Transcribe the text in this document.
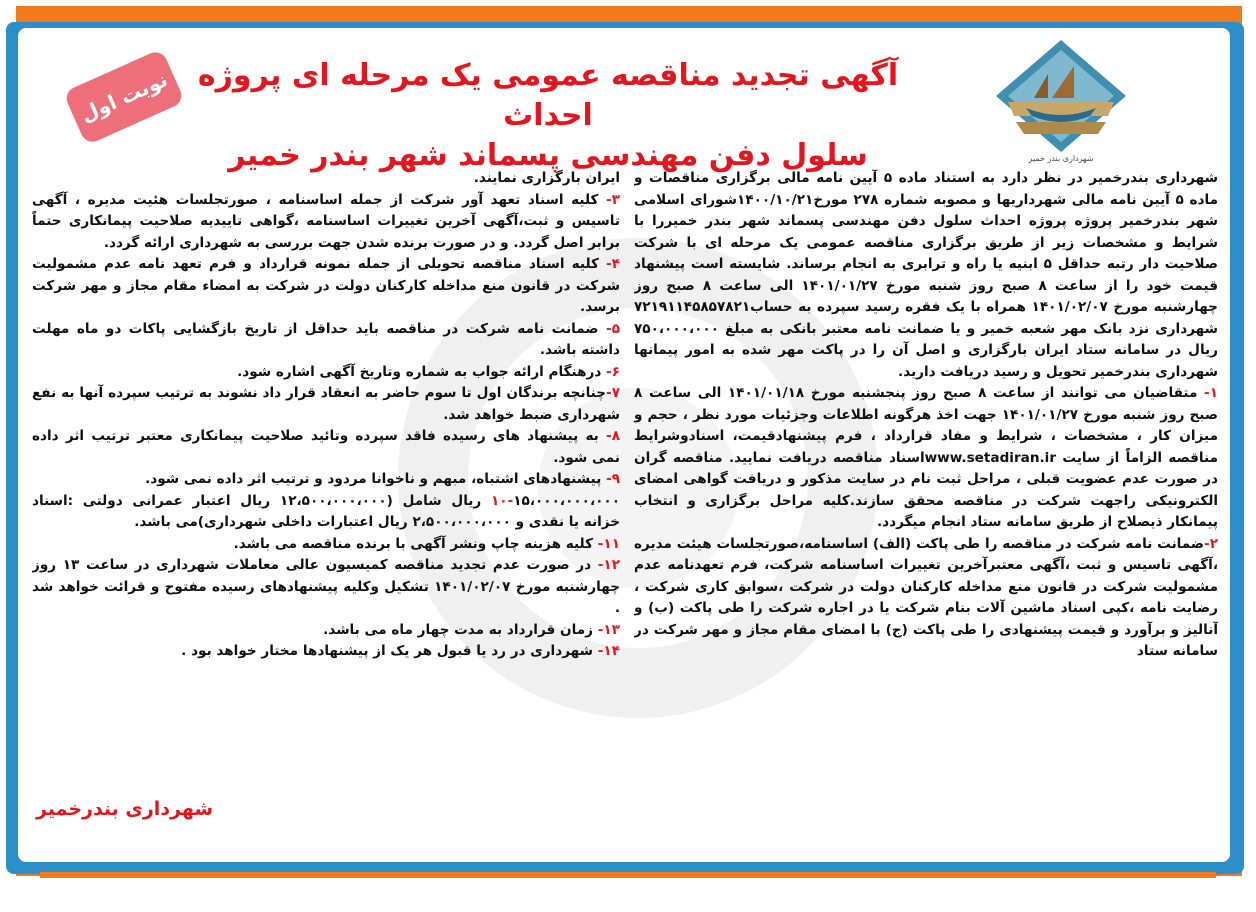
شهرداری بندر خمیر
آگهی تجدید مناقصه عمومی یک مرحله ای پروژه احداث
سلول دفن مهندسی پسماند شهر بندر خمیر
نوبت اول

شهرداری بندرخمیر در نظر دارد به استناد ماده ۵ آیین نامه مالی برگزاری مناقصات و ماده ۵ آیین نامه مالی شهرداریها و مصوبه شماره ۲۷۸ مورخ۱۴۰۰/۱۰/۲۱شورای اسلامی شهر بندرخمیر پروژه پروژه احداث سلول دفن مهندسی پسماند شهر بندر خمیررا با شرایط و مشخصات زیر از طریق برگزاری مناقصه عمومی یک مرحله ای با شرکت صلاحیت دار رتبه حداقل ۵ ابنیه یا راه و ترابری به انجام برساند. شایسته است پیشنهاد قیمت خود را از ساعت ۸ صبح روز شنبه مورخ ۱۴۰۱/۰۱/۲۷ الی ساعت ۸ صبح روز چهارشنبه مورخ ۱۴۰۱/۰۲/۰۷ همراه با یک فقره رسید سپرده به حساب۷۲۱۹۱۱۴۵۸۵۷۸۲۱ شهرداری نزد بانک مهر شعبه خمیر و یا ضمانت نامه معتبر بانکی به مبلغ ۷۵۰،۰۰۰،۰۰۰ ریال در سامانه ستاد ایران بارگزاری و اصل آن را در پاکت مهر شده به امور پیمانها شهرداری بندرخمیر تحویل و رسید دریافت دارید.

۱- متقاضیان می توانند از ساعت ۸ صبح روز پنجشنبه مورخ ۱۴۰۱/۰۱/۱۸ الی ساعت ۸ صبح روز شنبه مورخ ۱۴۰۱/۰۱/۲۷ جهت اخذ هرگونه اطلاعات وجزئیات مورد نظر ، حجم و میزان کار ، مشخصات ، شرایط و مفاد قرارداد ، فرم پیشنهادقیمت، اسنادوشرایط مناقصه الزاماً از سایت www.setadiran.irاسناد مناقصه دریافت نمایید. مناقصه گران در صورت عدم عضویت قبلی ، مراحل ثبت نام در سایت مذکور و دریافت گواهی امضای الکترونیکی راجهت شرکت در مناقصه محقق سازند.کلیه مراحل برگزاری و انتخاب پیمانکار ذیصلاح از طریق سامانه ستاد انجام میگردد.

۲-ضمانت نامه شرکت در مناقصه را طی پاکت (الف) اساسنامه،صورتجلسات هیئت مدیره ،آگهی تاسیس و ثبت ،آگهی معتبرآخرین تغییرات اساسنامه شرکت، فرم تعهدنامه عدم مشمولیت شرکت در قانون منع مداخله کارکنان دولت در شرکت ،سوابق کاری شرکت ، رضایت نامه ،کپی اسناد ماشین آلات بنام شرکت یا در اجاره شرکت را طی پاکت (ب) و آنالیز و برآورد و قیمت پیشنهادی را طی پاکت (ج) با امضای مقام مجاز و مهر شرکت در سامانه ستاد

ایران بارگزاری نمایند.

۳- کلیه اسناد تعهد آور شرکت از جمله اساسنامه ، صورتجلسات هئیت مدیره ، آگهی تاسیس و ثبت،آگهی آخرین تغییرات اساسنامه ،گواهی تاییدیه صلاحیت پیمانکاری حتماً برابر اصل گردد. و در صورت برنده شدن جهت بررسی به شهرداری ارائه گردد.

۴- کلیه اسناد مناقصه تحویلی از جمله نمونه قرارداد و فرم تعهد نامه عدم مشمولیت شرکت در قانون منع مداخله کارکنان دولت در شرکت به امضاء مقام مجاز و مهر شرکت برسد.

۵- ضمانت نامه شرکت در مناقصه باید حداقل از تاریخ بازگشایی پاکات دو ماه مهلت داشته باشد.

۶- درهنگام ارائه جواب به شماره وتاریخ آگهی اشاره شود.

۷-چنانچه برندگان اول تا سوم حاضر به انعقاد قرار داد نشوند به ترتیب سپرده آنها به نفع شهرداری ضبط خواهد شد.

۸- به پیشنهاد های رسیده فاقد سپرده وتائید صلاحیت پیمانکاری معتبر ترتیب اثر داده نمی شود.

۹- پیشنهادهای اشتباه، مبهم و ناخوانا مردود و ترتیب اثر داده نمی شود.

۱۰-۱۵،۰۰۰،۰۰۰،۰۰۰ ریال شامل (۱۲،۵۰۰،۰۰۰،۰۰۰ ریال اعتبار عمرانی دولتی :اسناد خزانه یا نقدی و ۲،۵۰۰،۰۰۰،۰۰۰ ریال اعتبارات داخلی شهرداری)می باشد.

۱۱- کلیه هزینه چاپ ونشر آگهی با برنده مناقصه می باشد.

۱۲- در صورت عدم تجدید مناقصه کمیسیون عالی معاملات شهرداری در ساعت ۱۳ روز چهارشنبه مورخ ۱۴۰۱/۰۲/۰۷ تشکیل وکلیه پیشنهادهای رسیده مفتوح و قرائت خواهد شد .

۱۳- زمان قرارداد به مدت چهار ماه می باشد.

۱۴- شهرداری در رد یا قبول هر یک از پیشنهادها مختار خواهد بود .

شهرداری بندرخمیر
